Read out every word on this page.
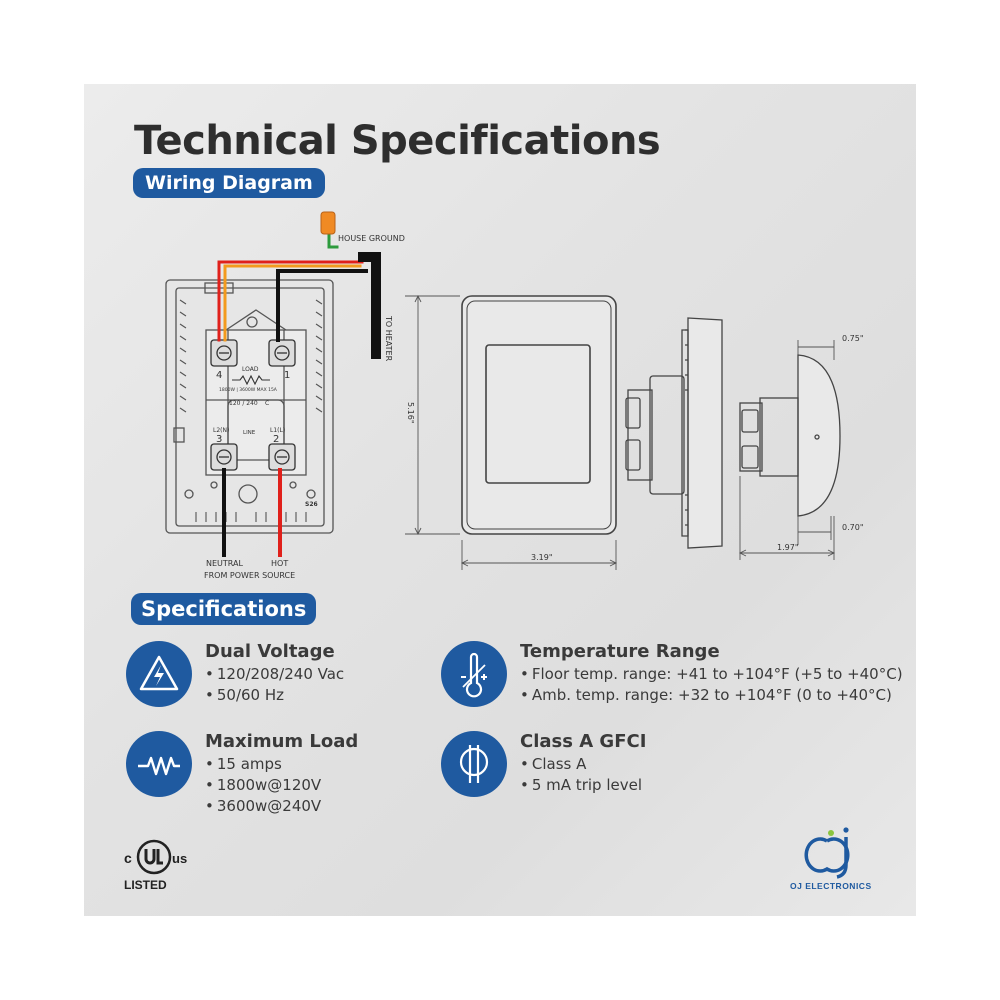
Technical Specifications
Wiring Diagram
HOUSE GROUND
TO HEATER
NEUTRAL
FROM POWER SOURCE
HOT
LOAD
1800W | 3600W MAX 15A
120 / 240 C
L2(N)	L1(L)
LINE
4	1
3	2
S26
5.16"
3.19"
0.75"
0.70"
1.97"
Specifications
Dual Voltage
• 120/208/240 Vac
• 50/60 Hz
Temperature Range
• Floor temp. range: +41 to +104°F (+5 to +40°C)
• Amb. temp. range: +32 to +104°F (0 to +40°C)
Maximum Load
• 15 amps
• 1800w@120V
• 3600w@240V
Class A GFCI
• Class A
• 5 mA trip level
c	us
LISTED	OJ ELECTRONICS
